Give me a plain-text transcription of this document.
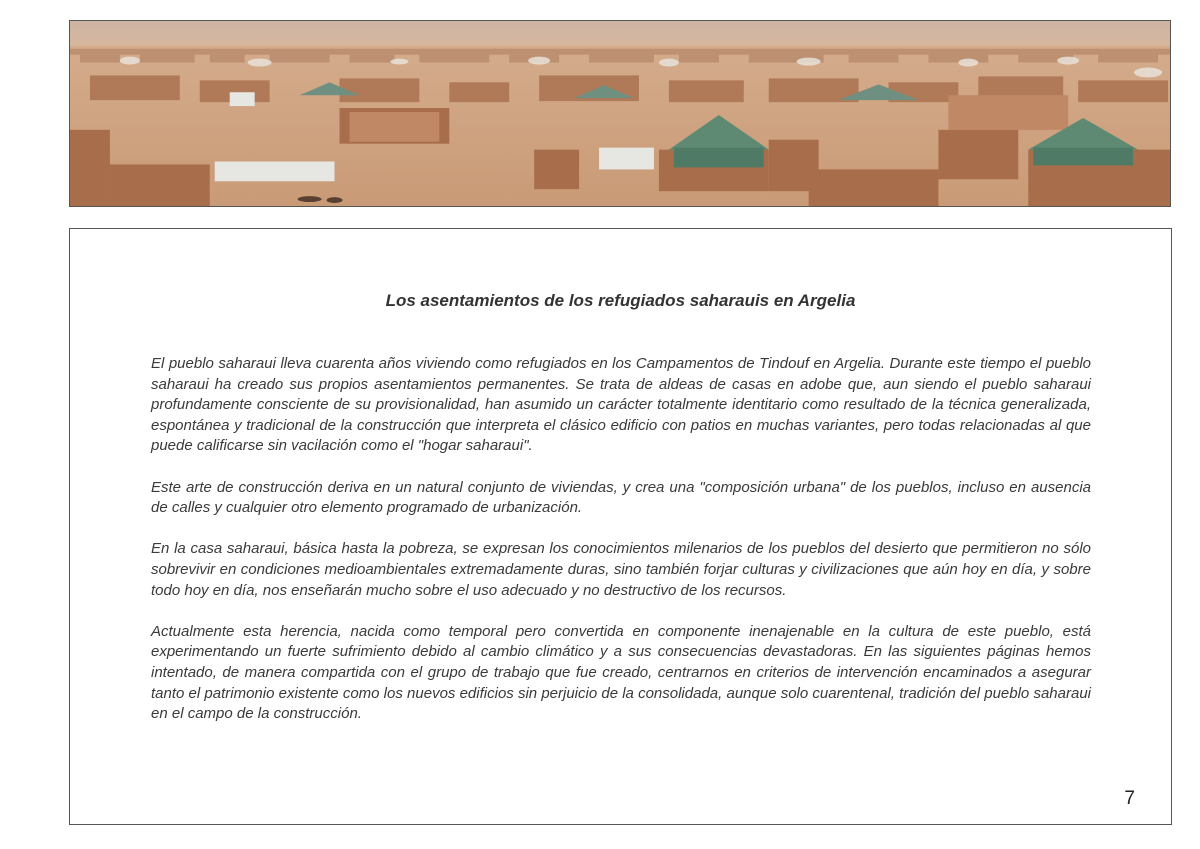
Los asentamientos de los refugiados saharauis en Argelia

El pueblo saharaui lleva cuarenta años viviendo como refugiados en los Campamentos de Tindouf en Argelia. Durante este tiempo el pueblo saharaui ha creado sus propios asentamientos permanentes. Se trata de aldeas de casas en adobe que, aun siendo el pueblo saharaui profundamente consciente de su provisionalidad, han asumido un carácter totalmente identitario como resultado de la técnica generalizada, espontánea y tradicional de la construcción que interpreta el clásico edificio con patios en muchas variantes, pero todas relacionadas al que puede calificarse sin vacilación como el "hogar saharaui".

Este arte de construcción deriva en un natural conjunto de viviendas, y crea una "composición urbana" de los pueblos, incluso en ausencia de calles y cualquier otro elemento programado de urbanización.

En la casa saharaui, básica hasta la pobreza, se expresan los conocimientos milenarios de los pueblos del desierto que permitieron no sólo sobrevivir en condiciones medioambientales extremadamente duras, sino también forjar culturas y civilizaciones que aún hoy en día, y sobre todo hoy en día, nos enseñarán mucho sobre el uso adecuado y no destructivo de los recursos.

Actualmente esta herencia, nacida como temporal pero convertida en componente inenajenable en la cultura de este pueblo, está experimentando un fuerte sufrimiento debido al cambio climático y a sus consecuencias devastadoras. En las siguientes páginas hemos intentado, de manera compartida con el grupo de trabajo que fue creado, centrarnos en criterios de intervención encaminados a asegurar tanto el patrimonio existente como los nuevos edificios sin perjuicio de la consolidada, aunque solo cuarentenal, tradición del pueblo saharaui en el campo de la construcción.

7
